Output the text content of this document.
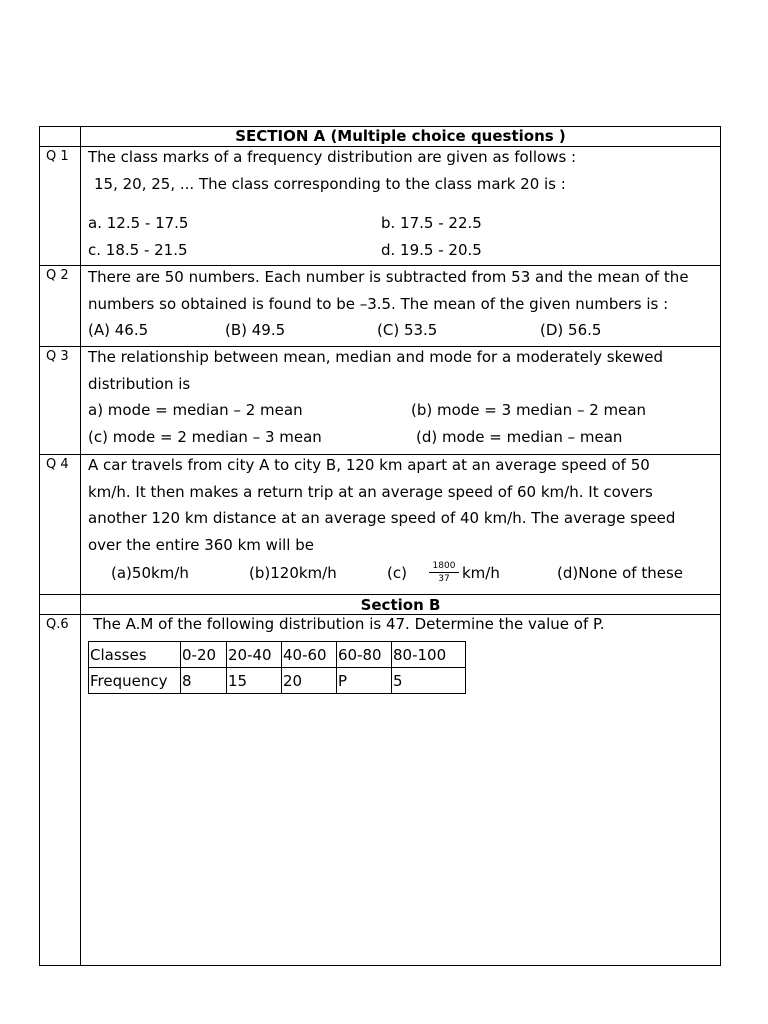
SECTION A (Multiple choice questions )
Q 1 The class marks of a frequency distribution are given as follows :
15, 20, 25, ... The class corresponding to the class mark 20 is :
a. 12.5 - 17.5	b. 17.5 - 22.5
c. 18.5 - 21.5	d. 19.5 - 20.5
Q 2 There are 50 numbers. Each number is subtracted from 53 and the mean of the
numbers so obtained is found to be –3.5. The mean of the given numbers is :
(A) 46.5	(B) 49.5	(C) 53.5	(D) 56.5
Q 3 The relationship between mean, median and mode for a moderately skewed
distribution is
a) mode = median – 2 mean	(b) mode = 3 median – 2 mean
(c) mode = 2 median – 3 mean	(d) mode = median – mean
Q 4 A car travels from city A to city B, 120 km apart at an average speed of 50
km/h. It then makes a return trip at an average speed of 60 km/h. It covers
another 120 km distance at an average speed of 40 km/h. The average speed
over the entire 360 km will be
(a)50km/h	(b)120km/h	(c)	1800
37 km/h	(d)None of these
Section B
Q.6 The A.M of the following distribution is 47. Determine the value of P.
Classes	0-20	20-40	40-60	60-80	80-100
Frequency	8	15	20	P	5
